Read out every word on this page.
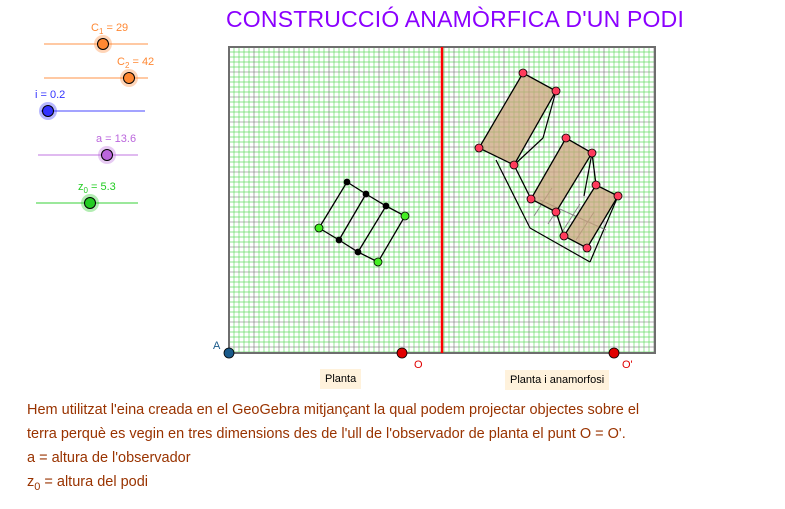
CONSTRUCCIÓ ANAMÒRFICA D'UN PODI
$C_1 = 29$
$C_2 = 42$
i = 0.2
a = 13.6
$z_0 = 5.3$
A
O	O'
Planta	Planta i anamorfosi
Hem utilitzat l'eina creada en el GeoGebra mitjançant la qual podem projectar objectes sobre el
terra perquè es vegin en tres dimensions des de l'ull de l'observador de planta el punt O = O'.
a = altura de l'observador
$z_0$ = altura del podi
